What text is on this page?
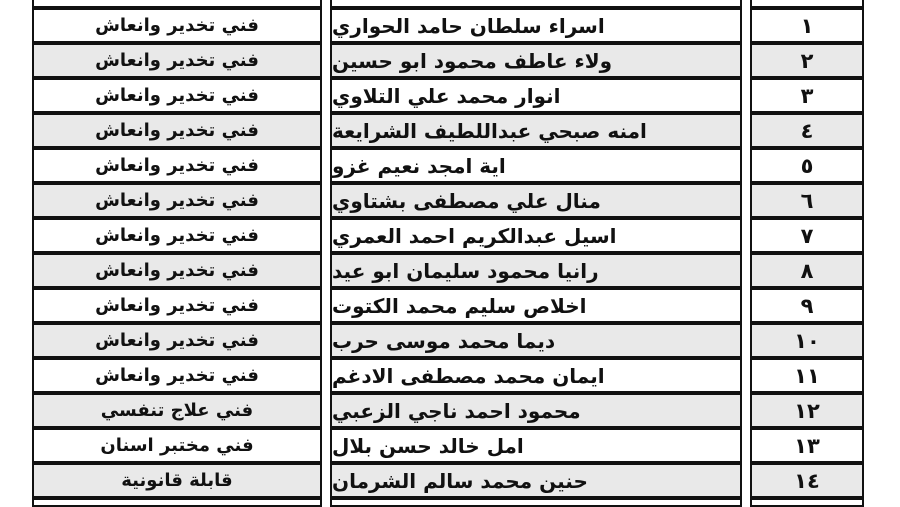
فني تخدير وانعاش	اسراء سلطان حامد الحواري	١
فني تخدير وانعاش	ولاء عاطف محمود ابو حسين	٢
فني تخدير وانعاش	انوار محمد علي التلاوي	٣
فني تخدير وانعاش	امنه صبحي عبداللطيف الشرايعة	٤
فني تخدير وانعاش	اية امجد نعيم غزو	٥
فني تخدير وانعاش	منال علي مصطفى بشتاوي	٦
فني تخدير وانعاش	اسيل عبدالكريم احمد العمري	٧
فني تخدير وانعاش	رانيا محمود سليمان ابو عيد	٨
فني تخدير وانعاش	اخلاص سليم محمد الكتوت	٩
فني تخدير وانعاش	ديما محمد موسى حرب	١٠
فني تخدير وانعاش	ايمان محمد مصطفى الادغم	١١
فني علاج تنفسي	محمود احمد ناجي الزعبي	١٢
فني مختبر اسنان	امل خالد حسن بلال	١٣
قابلة قانونية	حنين محمد سالم الشرمان	١٤
